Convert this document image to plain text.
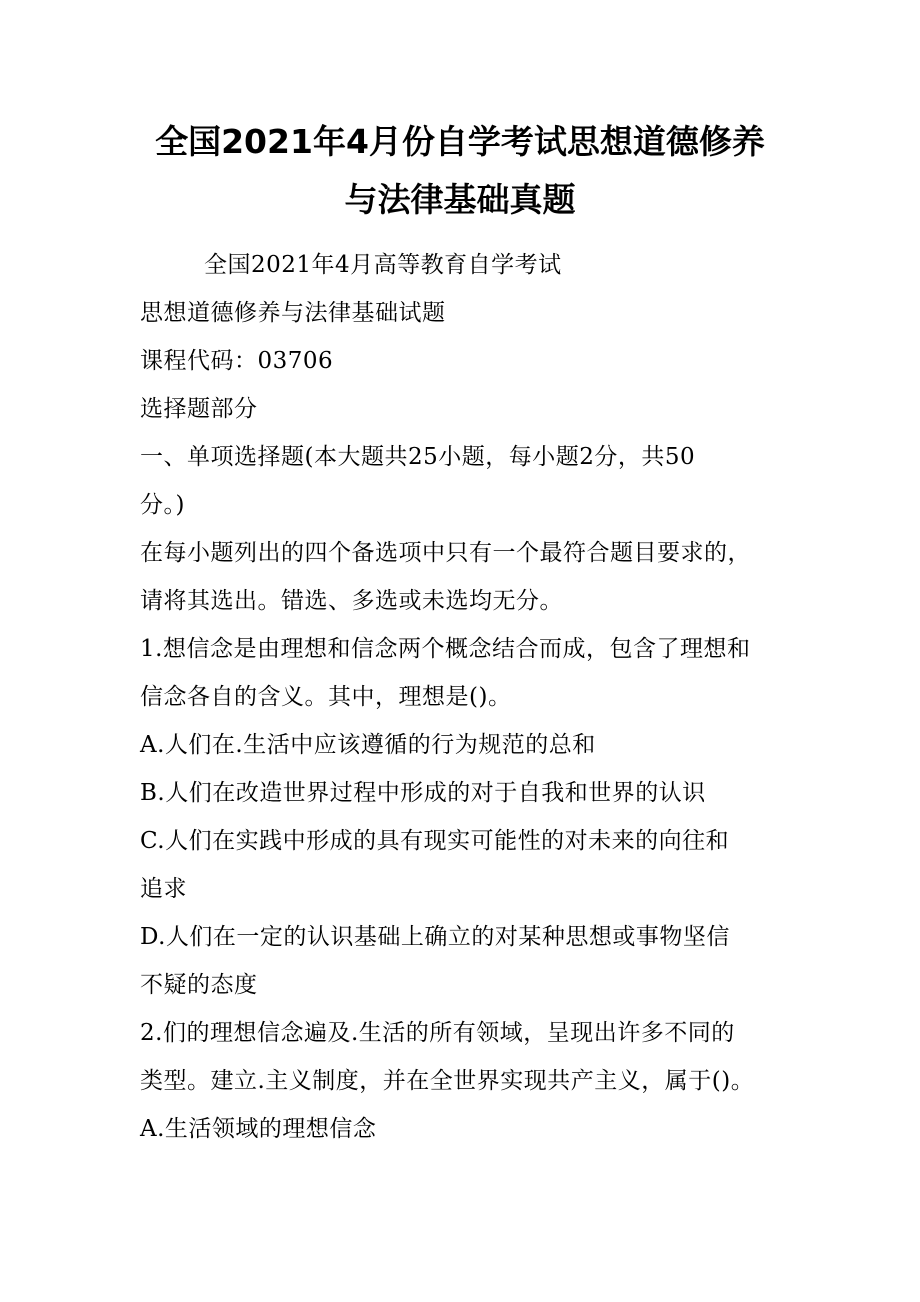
全国2021年4月份自学考试思想道德修养
与法律基础真题
全国2021年4月高等教育自学考试
思想道德修养与法律基础试题
课程代码：03706
选择题部分
一、单项选择题(本大题共25小题，每小题2分，共50
分。)
在每小题列出的四个备选项中只有一个最符合题目要求的，
请将其选出。错选、多选或未选均无分。
1.想信念是由理想和信念两个概念结合而成，包含了理想和
信念各自的含义。其中，理想是()。
A.人们在.生活中应该遵循的行为规范的总和
B.人们在改造世界过程中形成的对于自我和世界的认识
C.人们在实践中形成的具有现实可能性的对未来的向往和
追求
D.人们在一定的认识基础上确立的对某种思想或事物坚信
不疑的态度
2.们的理想信念遍及.生活的所有领域，呈现出许多不同的
类型。建立.主义制度，并在全世界实现共产主义，属于()。
A.生活领域的理想信念
